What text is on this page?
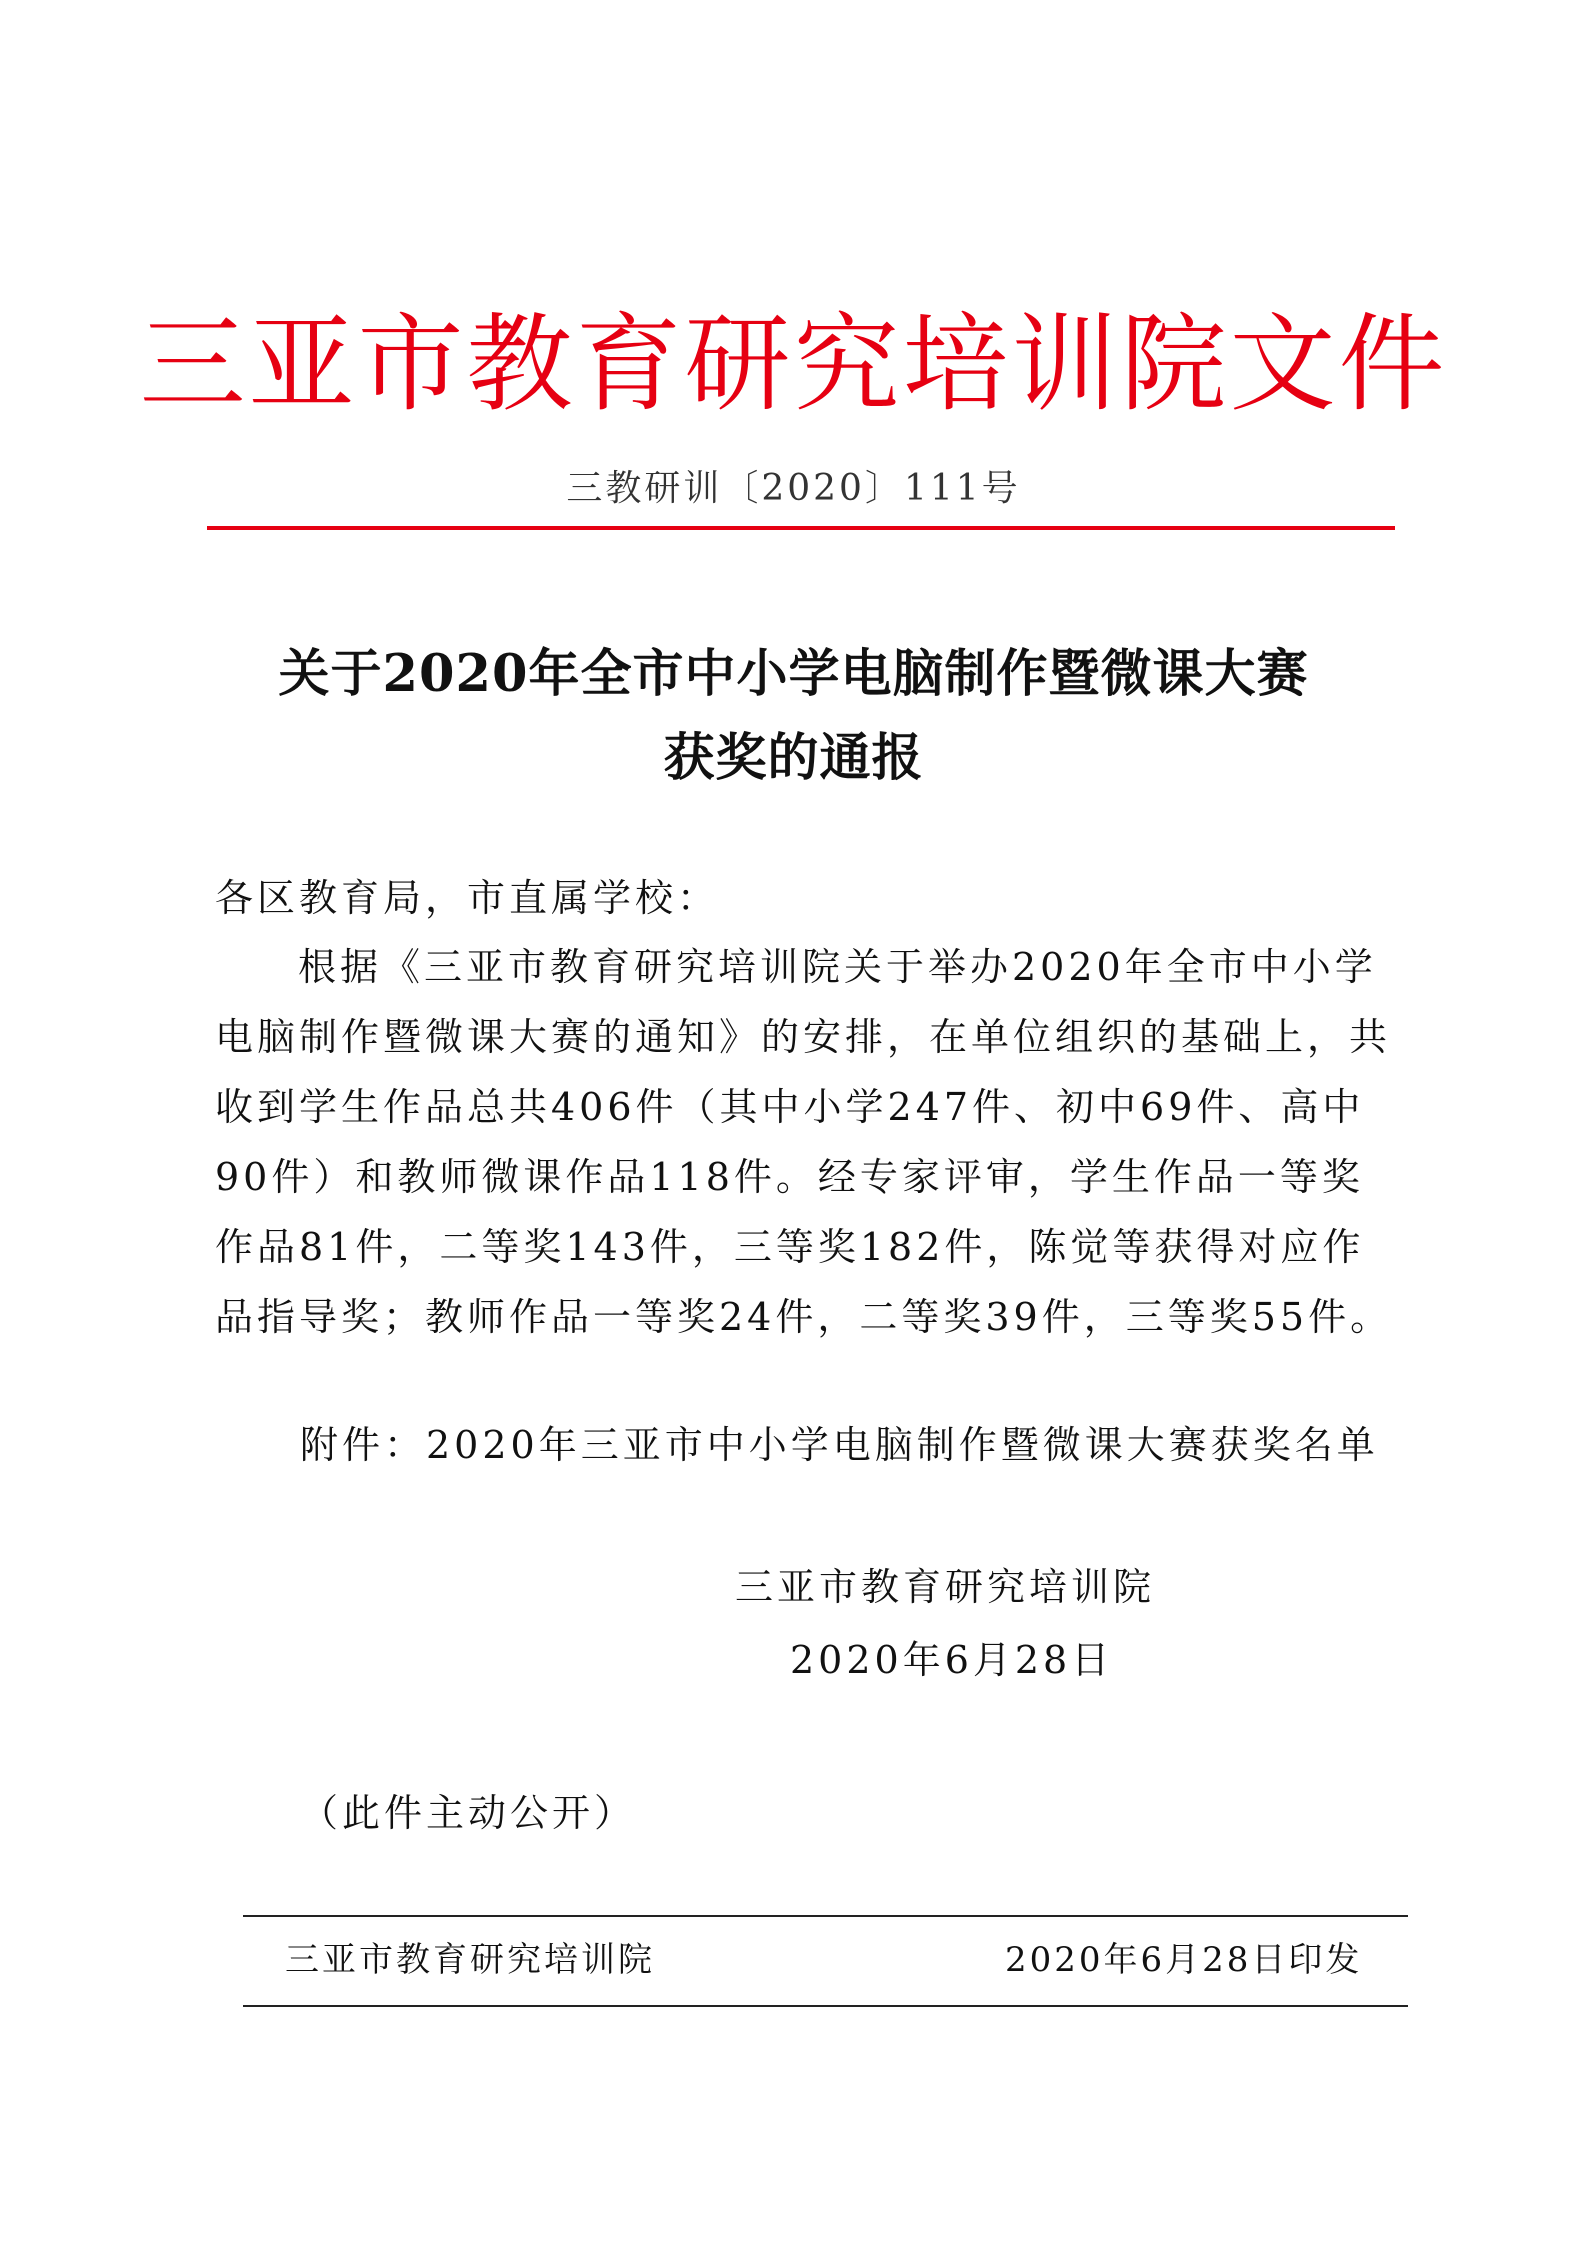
三亚市教育研究培训院文件
三教研训〔2020〕111号
关于2020年全市中小学电脑制作暨微课大赛
获奖的通报
各区教育局，市直属学校：
根据《三亚市教育研究培训院关于举办2020年全市中小学
电脑制作暨微课大赛的通知》的安排，在单位组织的基础上，共
收到学生作品总共406件（其中小学247件、初中69件、高中
90件）和教师微课作品118件。经专家评审，学生作品一等奖
作品81件，二等奖143件，三等奖182件，陈觉等获得对应作
品指导奖；教师作品一等奖24件，二等奖39件，三等奖55件。
附件：2020年三亚市中小学电脑制作暨微课大赛获奖名单
三亚市教育研究培训院
2020年6月28日
（此件主动公开）
三亚市教育研究培训院	2020年6月28日印发
